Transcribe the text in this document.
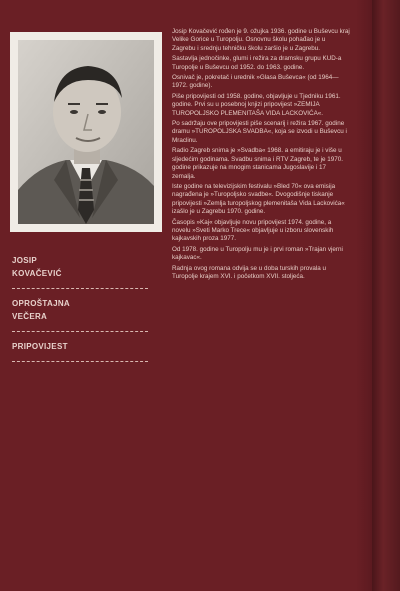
Josip Kovačević rođen je 9. ožujka 1936. godine u Buševcu kraj Velike Gorice u Turopolju. Osnovnu školu pohađao je u Zagrebu i srednju tehničku školu zaršio je u Zagrebu.

Sastavlja jednočinke, glumi i režira za dramsku grupu KUD-a Turopolje u Buševcu od 1952. do 1963. godine.

Osnivač je, pokretač i urednik »Glasa Buševca« (od 1964—1972. godine).

Piše pripovijesti od 1958. godine, objavljuje u Tjedniku 1961. godine. Prvi su u posebnoj knjizi pripovijest »ZEMIJA TUROPOLJSKO PLEMENITAŠA VIDA LACKOVIĆA«.

Po sadržaju ove pripovijesti piše scenarij i režira 1967. godine dramu »TUROPOLJSKA SVADBA«, koja se izvodi u Buševcu i Mraclinu.

Radio Zagreb snima je »Svadba« 1968. a emitiraju je i više u sljedećim godinama. Svadbu snima i RTV Zagreb, te je 1970. godine prikazuje na mnogim stanicama Jugoslavije i 17 zemalja.

Iste godine na televizijskim festivalu »Bled 70« ova emisija nagrađena je »Turopoljsko svadbe«. Dvogodišnje tiskanje pripovijesti »Zemlja turopoljskog plemenitaša Vida Lackovića« izašlo je u Zagrebu 1970. godine.

Časopis »Kaj« objavljuje novu pripovijest 1974. godine, a novelu »Sveti Marko Trece« objavljuje u izboru slovenskih kajkavskih proza 1977.

Od 1978. godine u Turopolju mu je i prvi roman »Trajan vjerni kajkavac«.

Radnja ovog romana odvija se u doba turskih provala u Turopolje krajem XVI. i početkom XVII. stoljeća.

JOSIP
KOVAČEVIĆ
OPROŠTAJNA
VEČERA
PRIPOVIJEST
